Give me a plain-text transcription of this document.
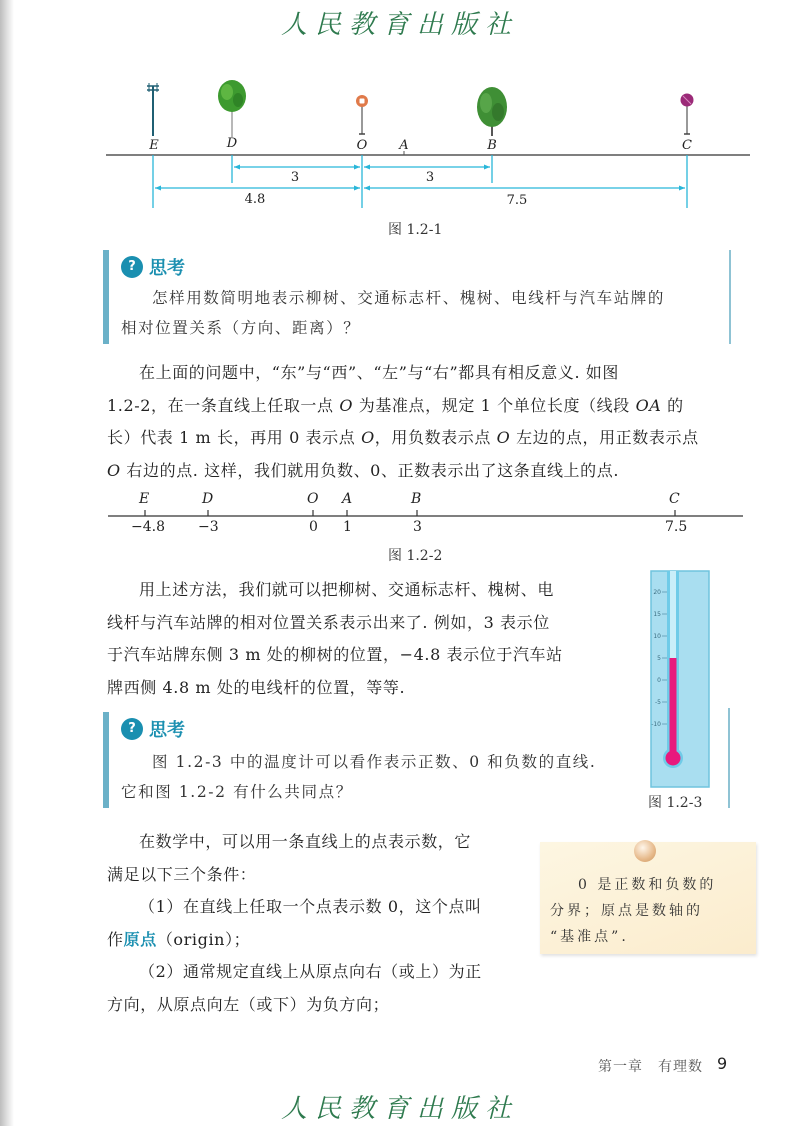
人民教育出版社
E	D	O A	B	C
3	3
4.8	7.5
图 1.2-1
? 思考
怎样用数简明地表示柳树、交通标志杆、槐树、电线杆与汽车站牌的
相对位置关系（方向、距离）？
在上面的问题中，“东”与“西”、“左”与“右”都具有相反意义. 如图
1.2-2，在一条直线上任取一点 O 为基准点，规定 1 个单位长度（线段 OA 的
长）代表 1 m 长，再用 0 表示点 O，用负数表示点 O 左边的点，用正数表示点
O 右边的点. 这样，我们就用负数、0、正数表示出了这条直线上的点.
E	D	O A	B	C
−4.8 −3	0 1	3	7.5
图 1.2-2
用上述方法，我们就可以把柳树、交通标志杆、槐树、电
线杆与汽车站牌的相对位置关系表示出来了. 例如，3 表示位
于汽车站牌东侧 3 m 处的柳树的位置，−4.8 表示位于汽车站
牌西侧 4.8 m 处的电线杆的位置，等等.
20
15
10
5
0
-5
-10
图 1.2-3
? 思考
图 1.2-3 中的温度计可以看作表示正数、0 和负数的直线.
它和图 1.2-2 有什么共同点？
在数学中，可以用一条直线上的点表示数，它
满足以下三个条件：
（1）在直线上任取一个点表示数 0，这个点叫
作原点（origin）；
（2）通常规定直线上从原点向右（或上）为正
方向，从原点向左（或下）为负方向；
0 是正数和负数的
分界；原点是数轴的
“基准点”.
第一章　有理数 9
人民教育出版社
